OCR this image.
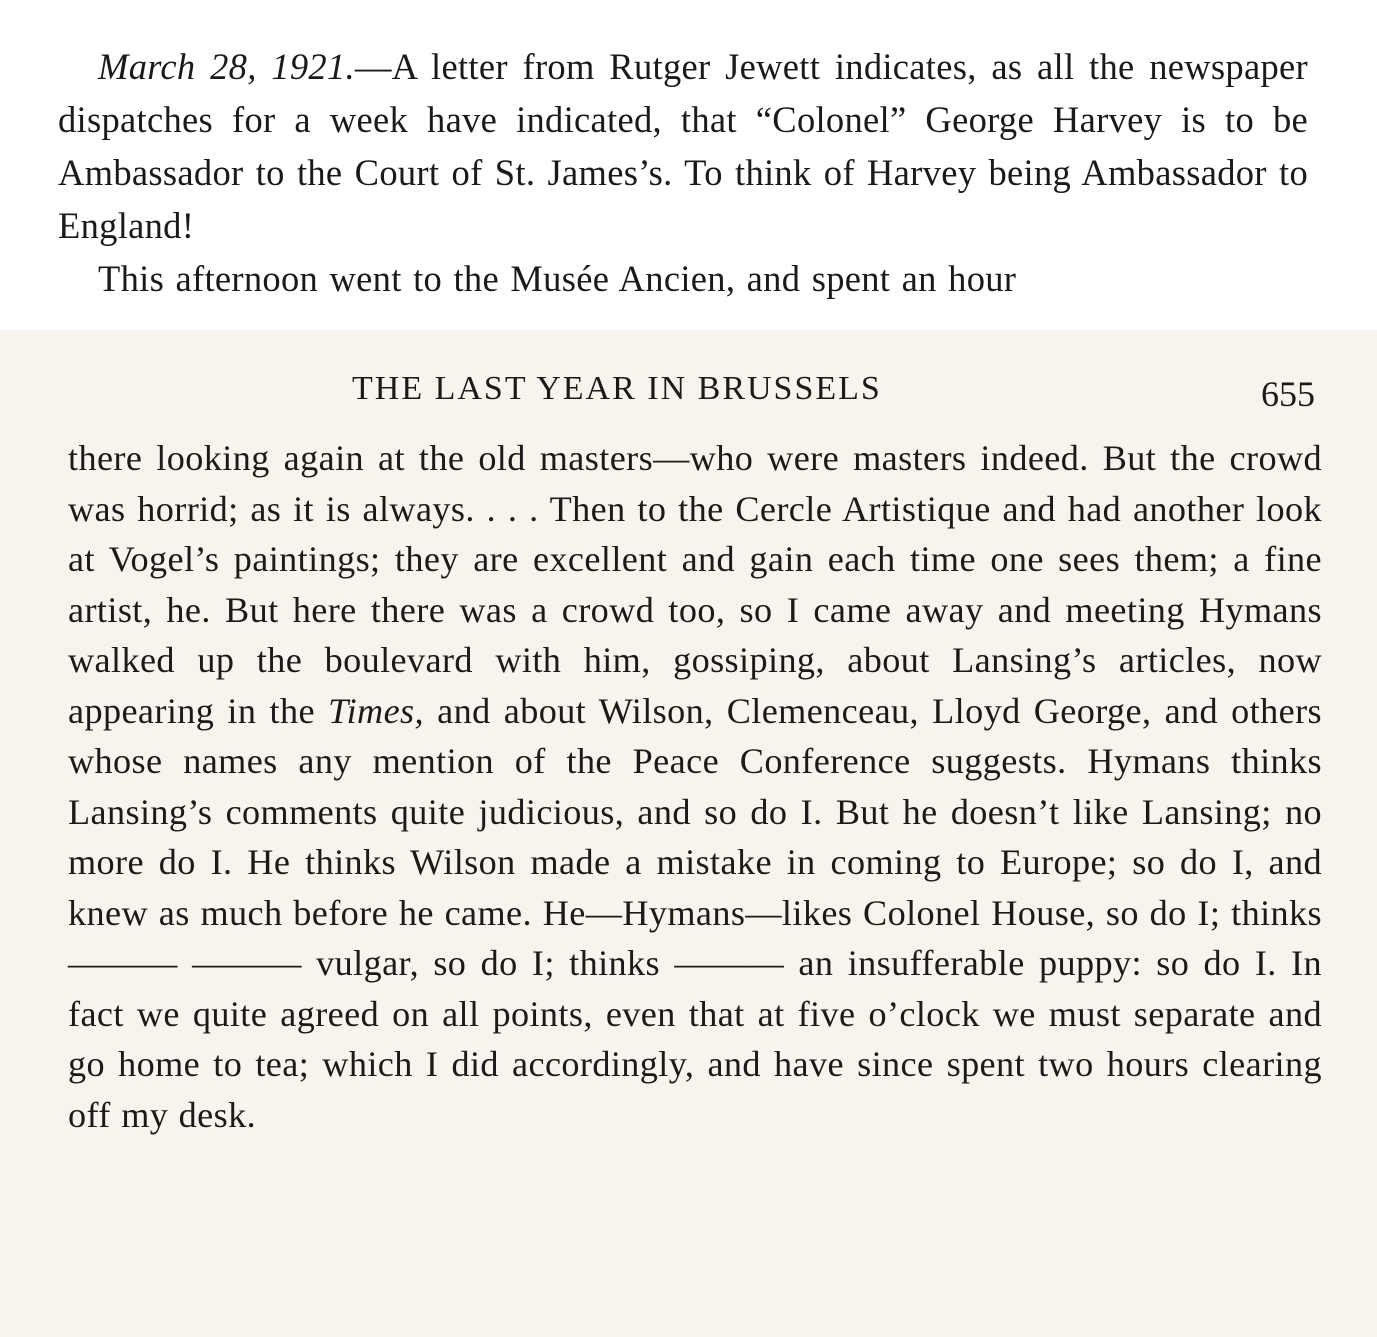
March 28, 1921.—A letter from Rutger Jewett indicates, as all the newspaper dispatches for a week have indicated, that “Colonel” George Harvey is to be Ambassador to the Court of St. James’s. To think of Harvey being Ambassador to England!

This afternoon went to the Musée Ancien, and spent an hour

THE LAST YEAR IN BRUSSELS	655

there looking again at the old masters—who were masters indeed. But the crowd was horrid; as it is always. . . . Then to the Cercle Artistique and had another look at Vogel’s paintings; they are excellent and gain each time one sees them; a fine artist, he. But here there was a crowd too, so I came away and meeting Hymans walked up the boulevard with him, gossiping, about Lansing’s articles, now appearing in the Times, and about Wilson, Clemenceau, Lloyd George, and others whose names any mention of the Peace Conference suggests. Hymans thinks Lansing’s comments quite judicious, and so do I. But he doesn’t like Lansing; no more do I. He thinks Wilson made a mistake in coming to Europe; so do I, and knew as much before he came. He—Hymans—likes Colonel House, so do I; thinks ——— ——— vulgar, so do I; thinks ——— an insufferable puppy: so do I. In fact we quite agreed on all points, even that at five o’clock we must separate and go home to tea; which I did accordingly, and have since spent two hours clearing off my desk.
